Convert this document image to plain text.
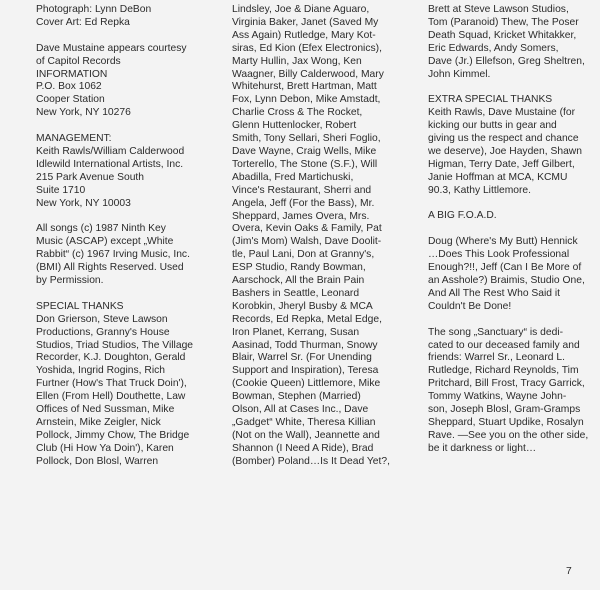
Photograph: Lynn DeBon
Cover Art: Ed Repka

Dave Mustaine appears courtesy
of Capitol Records
INFORMATION
P.O. Box 1062
Cooper Station
New York, NY 10276

MANAGEMENT:
Keith Rawls/William Calderwood
Idlewild International Artists, Inc.
215 Park Avenue South
Suite 1710
New York, NY 10003

All songs (c) 1987 Ninth Key
Music (ASCAP) except „White
Rabbit“ (c) 1967 Irving Music, Inc.
(BMI) All Rights Reserved. Used
by Permission.

SPECIAL THANKS
Don Grierson, Steve Lawson
Productions, Granny's House
Studios, Triad Studios, The Village
Recorder, K.J. Doughton, Gerald
Yoshida, Ingrid Rogins, Rich
Furtner (How's That Truck Doin'),
Ellen (From Hell) Douthette, Law
Offices of Ned Sussman, Mike
Arnstein, Mike Zeigler, Nick
Pollock, Jimmy Chow, The Bridge
Club (Hi How Ya Doin'), Karen
Pollock, Don Blosl, Warren

Lindsley, Joe & Diane Aguaro,
Virginia Baker, Janet (Saved My
Ass Again) Rutledge, Mary Kot-
siras, Ed Kion (Efex Electronics),
Marty Hullin, Jax Wong, Ken
Waagner, Billy Calderwood, Mary
Whitehurst, Brett Hartman, Matt
Fox, Lynn Debon, Mike Amstadt,
Charlie Cross & The Rocket,
Glenn Huttenlocker, Robert
Smith, Tony Sellari, Sheri Foglio,
Dave Wayne, Craig Wells, Mike
Torterello, The Stone (S.F.), Will
Abadilla, Fred Martichuski,
Vince's Restaurant, Sherri and
Angela, Jeff (For the Bass), Mr.
Sheppard, James Overa, Mrs.
Overa, Kevin Oaks & Family, Pat
(Jim's Mom) Walsh, Dave Doolit-
tle, Paul Lani, Don at Granny's,
ESP Studio, Randy Bowman,
Aarschock, All the Brain Pain
Bashers in Seattle, Leonard
Korobkin, Jheryl Busby & MCA
Records, Ed Repka, Metal Edge,
Iron Planet, Kerrang, Susan
Aasinad, Todd Thurman, Snowy
Blair, Warrel Sr. (For Unending
Support and Inspiration), Teresa
(Cookie Queen) Littlemore, Mike
Bowman, Stephen (Married)
Olson, All at Cases Inc., Dave
„Gadget“ White, Theresa Killian
(Not on the Wall), Jeannette and
Shannon (I Need A Ride), Brad
(Bomber) Poland…Is It Dead Yet?,

Brett at Steve Lawson Studios,
Tom (Paranoid) Thew, The Poser
Death Squad, Kricket Whitakker,
Eric Edwards, Andy Somers,
Dave (Jr.) Ellefson, Greg Sheltren,
John Kimmel.

EXTRA SPECIAL THANKS
Keith Rawls, Dave Mustaine (for
kicking our butts in gear and
giving us the respect and chance
we deserve), Joe Hayden, Shawn
Higman, Terry Date, Jeff Gilbert,
Janie Hoffman at MCA, KCMU
90.3, Kathy Littlemore.

A BIG F.O.A.D.

Doug (Where's My Butt) Hennick
…Does This Look Professional
Enough?!!, Jeff (Can I Be More of
an Asshole?) Braimis, Studio One,
And All The Rest Who Said it
Couldn't Be Done!

The song „Sanctuary“ is dedi-
cated to our deceased family and
friends: Warrel Sr., Leonard L.
Rutledge, Richard Reynolds, Tim
Pritchard, Bill Frost, Tracy Garrick,
Tommy Watkins, Wayne John-
son, Joseph Blosl, Gram-Gramps
Sheppard, Stuart Updike, Rosalyn
Rave. —See you on the other side,
be it darkness or light…

7
